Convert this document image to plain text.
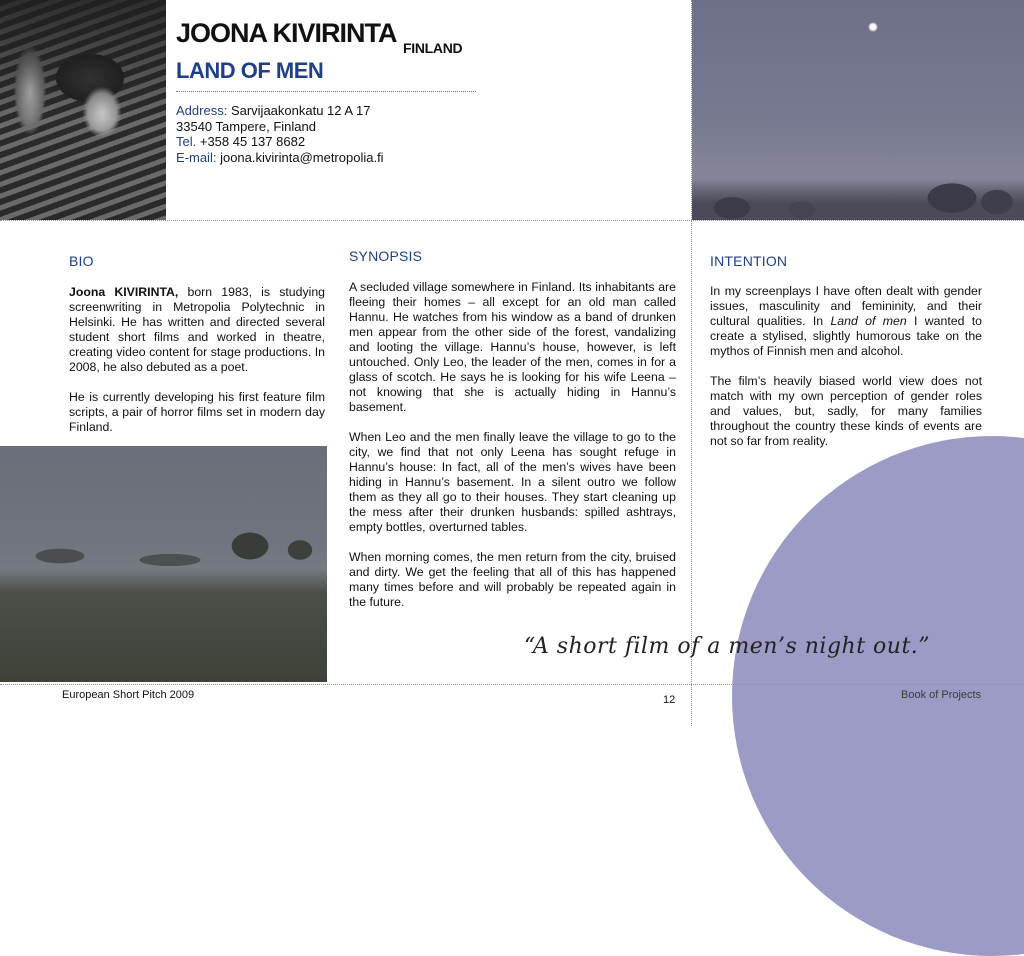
JOONA KIVIRINTA FINLAND
LAND OF MEN
Address: Sarvijaakonkatu 12 A 17
33540 Tampere, Finland
Tel. +358 45 137 8682
E-mail: joona.kivirinta@metropolia.fi
BIO

Joona KIVIRINTA, born 1983, is studying screenwriting in Metropolia Polytechnic in Helsinki. He has written and directed several student short films and worked in theatre, creating video content for stage productions. In 2008, he also debuted as a poet.

He is currently developing his first feature film scripts, a pair of horror films set in modern day Finland.

SYNOPSIS

A secluded village somewhere in Finland. Its inhabitants are fleeing their homes – all except for an old man called Hannu. He watches from his window as a band of drunken men appear from the other side of the forest, vandalizing and looting the village. Hannu’s house, however, is left untouched. Only Leo, the leader of the men, comes in for a glass of scotch. He says he is looking for his wife Leena – not knowing that she is actually hiding in Hannu’s basement.

When Leo and the men finally leave the village to go to the city, we find that not only Leena has sought refuge in Hannu’s house: In fact, all of the men’s wives have been hiding in Hannu’s basement. In a silent outro we follow them as they all go to their houses. They start cleaning up the mess after their drunken husbands: spilled ashtrays, empty bottles, overturned tables.

When morning comes, the men return from the city, bruised and dirty. We get the feeling that all of this has happened many times before and will probably be repeated again in the future.

INTENTION

In my screenplays I have often dealt with gender issues, masculinity and femininity, and their cultural qualities. In Land of men I wanted to create a stylised, slightly humorous take on the mythos of Finnish men and alcohol.

The film’s heavily biased world view does not match with my own perception of gender roles and values, but, sadly, for many families throughout the country these kinds of events are not so far from reality.

“A short film of a men’s night out.”
European Short Pitch 2009	12	Book of Projects
